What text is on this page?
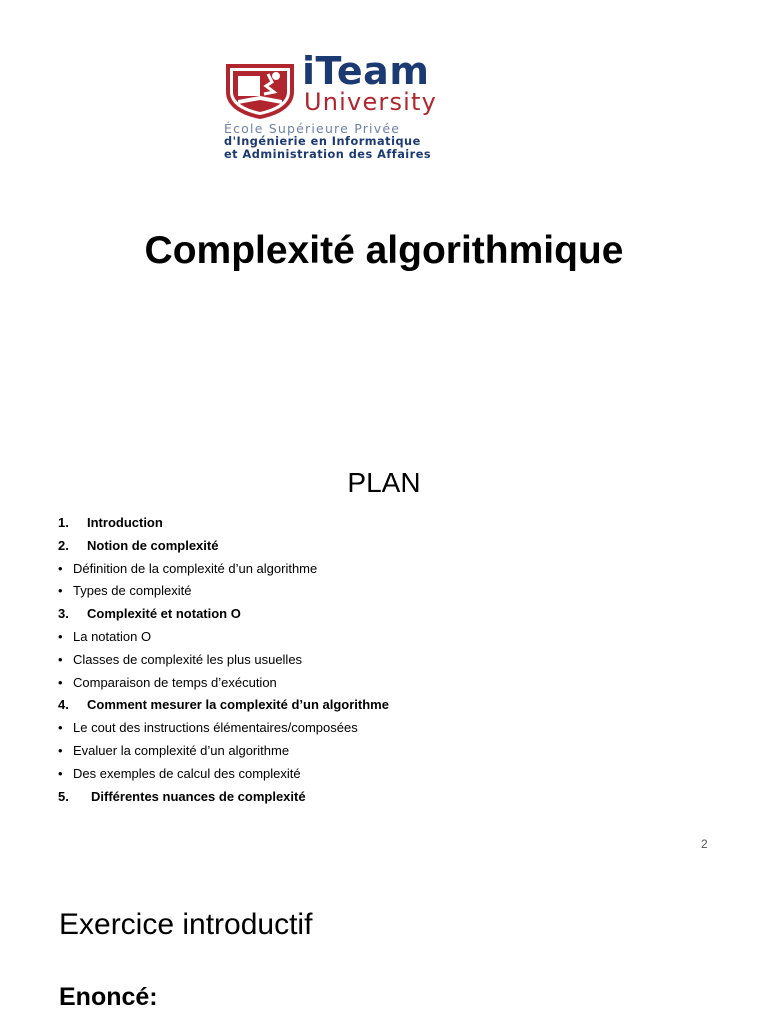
iTeam
University
École Supérieure Privée
d'Ingénierie en Informatique
et Administration des Affaires
Complexité algorithmique
PLAN
1. Introduction
2. Notion de complexité
• Définition de la complexité d’un algorithme
• Types de complexité
3. Complexité et notation O
• La notation O
• Classes de complexité les plus usuelles
• Comparaison de temps d’exécution
4. Comment mesurer la complexité d’un algorithme
• Le cout des instructions élémentaires/composées
• Evaluer la complexité d’un algorithme
• Des exemples de calcul des complexité
5. Différentes nuances de complexité
2
Exercice introductif
Enoncé:
